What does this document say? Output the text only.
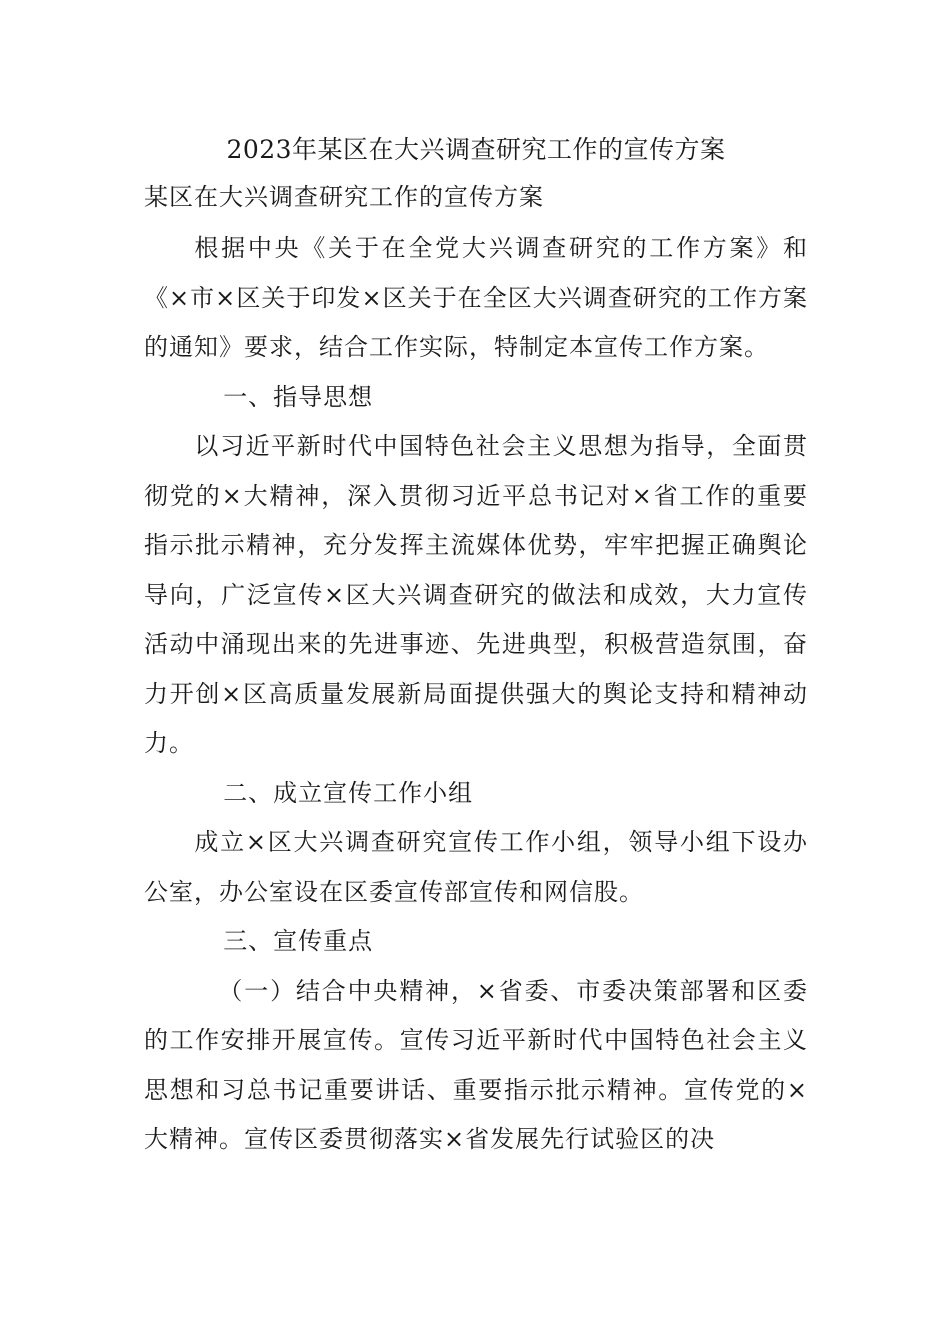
2023年某区在大兴调查研究工作的宣传方案

某区在大兴调查研究工作的宣传方案

根据中央《关于在全党大兴调查研究的工作方案》和《×市×区关于印发×区关于在全区大兴调查研究的工作方案的通知》要求，结合工作实际，特制定本宣传工作方案。

一、指导思想

以习近平新时代中国特色社会主义思想为指导，全面贯彻党的×大精神，深入贯彻习近平总书记对×省工作的重要指示批示精神，充分发挥主流媒体优势，牢牢把握正确舆论导向，广泛宣传×区大兴调查研究的做法和成效，大力宣传活动中涌现出来的先进事迹、先进典型，积极营造氛围，奋力开创×区高质量发展新局面提供强大的舆论支持和精神动力。

二、成立宣传工作小组

成立×区大兴调查研究宣传工作小组，领导小组下设办公室，办公室设在区委宣传部宣传和网信股。

三、宣传重点

（一）结合中央精神，×省委、市委决策部署和区委的工作安排开展宣传。宣传习近平新时代中国特色社会主义思想和习总书记重要讲话、重要指示批示精神。宣传党的×大精神。宣传区委贯彻落实×省发展先行试验区的决
